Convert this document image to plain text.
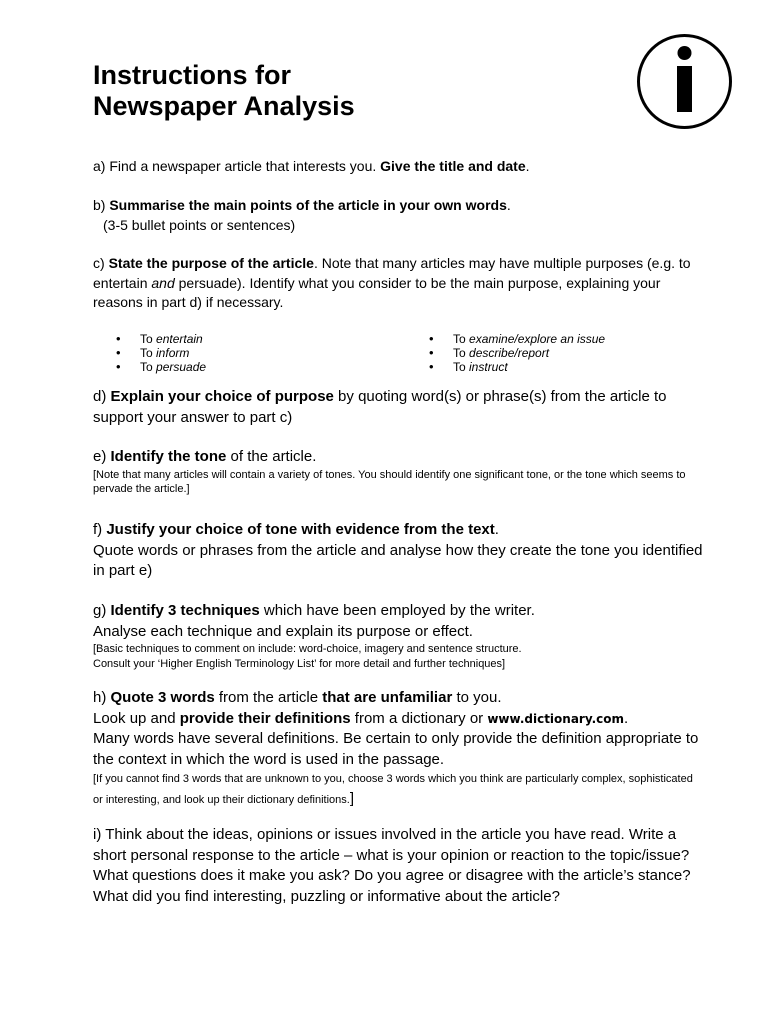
Instructions for
Newspaper Analysis

a) Find a newspaper article that interests you. Give the title and date.

b) Summarise the main points of the article in your own words.

(3-5 bullet points or sentences)

c) State the purpose of the article. Note that many articles may have multiple purposes (e.g. to entertain and persuade). Identify what you consider to be the main purpose, explaining your reasons in part d) if necessary.

• To entertain
• To inform
• To persuade
• To examine/explore an issue
• To describe/report
• To instruct

d) Explain your choice of purpose by quoting word(s) or phrase(s) from the article to support your answer to part c)

e) Identify the tone of the article.

[Note that many articles will contain a variety of tones. You should identify one significant tone, or the tone which seems to pervade the article.]

f) Justify your choice of tone with evidence from the text.

Quote words or phrases from the article and analyse how they create the tone you identified in part e)

g) Identify 3 techniques which have been employed by the writer.

Analyse each technique and explain its purpose or effect.

[Basic techniques to comment on include: word-choice, imagery and sentence structure.

Consult your ‘Higher English Terminology List’ for more detail and further techniques]

h) Quote 3 words from the article that are unfamiliar to you.

Look up and provide their definitions from a dictionary or www.dictionary.com.

Many words have several definitions. Be certain to only provide the definition appropriate to the context in which the word is used in the passage.

[If you cannot find 3 words that are unknown to you, choose 3 words which you think are particularly complex, sophisticated or interesting, and look up their dictionary definitions.]

i) Think about the ideas, opinions or issues involved in the article you have read. Write a short personal response to the article – what is your opinion or reaction to the topic/issue? What questions does it make you ask? Do you agree or disagree with the article’s stance? What did you find interesting, puzzling or informative about the article?
